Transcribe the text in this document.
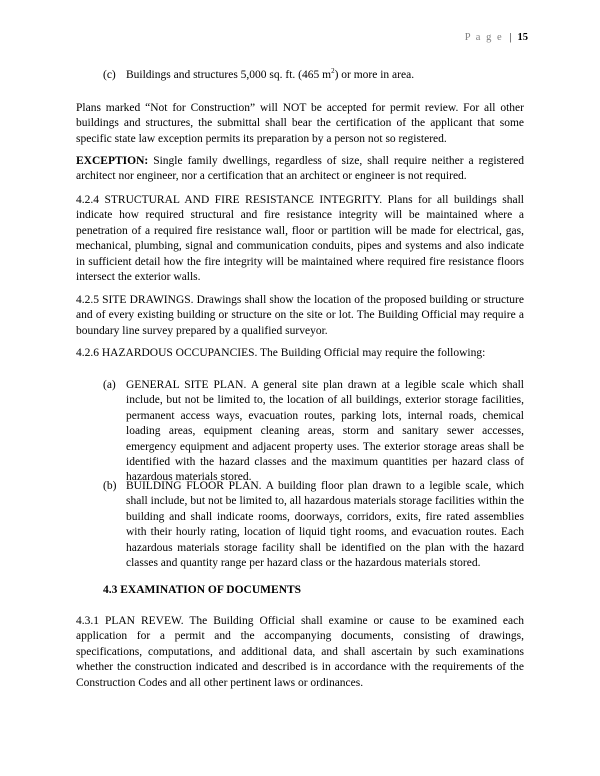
P a g e | 15

(c) Buildings and structures 5,000 sq. ft. (465 $m^2$) or more in area.

Plans marked “Not for Construction” will NOT be accepted for permit review. For all other buildings and structures, the submittal shall bear the certification of the applicant that some specific state law exception permits its preparation by a person not so registered.

EXCEPTION: Single family dwellings, regardless of size, shall require neither a registered architect nor engineer, nor a certification that an architect or engineer is not required.

4.2.4 STRUCTURAL AND FIRE RESISTANCE INTEGRITY. Plans for all buildings shall indicate how required structural and fire resistance integrity will be maintained where a penetration of a required fire resistance wall, floor or partition will be made for electrical, gas, mechanical, plumbing, signal and communication conduits, pipes and systems and also indicate in sufficient detail how the fire integrity will be maintained where required fire resistance floors intersect the exterior walls.

4.2.5 SITE DRAWINGS. Drawings shall show the location of the proposed building or structure and of every existing building or structure on the site or lot. The Building Official may require a boundary line survey prepared by a qualified surveyor.

4.2.6 HAZARDOUS OCCUPANCIES. The Building Official may require the following:

(a) GENERAL SITE PLAN. A general site plan drawn at a legible scale which shall include, but not be limited to, the location of all buildings, exterior storage facilities, permanent access ways, evacuation routes, parking lots, internal roads, chemical loading areas, equipment cleaning areas, storm and sanitary sewer accesses, emergency equipment and adjacent property uses. The exterior storage areas shall be identified with the hazard classes and the maximum quantities per hazard class of hazardous materials stored.

(b) BUILDING FLOOR PLAN. A building floor plan drawn to a legible scale, which shall include, but not be limited to, all hazardous materials storage facilities within the building and shall indicate rooms, doorways, corridors, exits, fire rated assemblies with their hourly rating, location of liquid tight rooms, and evacuation routes. Each hazardous materials storage facility shall be identified on the plan with the hazard classes and quantity range per hazard class or the hazardous materials stored.

4.3 EXAMINATION OF DOCUMENTS

4.3.1 PLAN REVEW. The Building Official shall examine or cause to be examined each application for a permit and the accompanying documents, consisting of drawings, specifications, computations, and additional data, and shall ascertain by such examinations whether the construction indicated and described is in accordance with the requirements of the Construction Codes and all other pertinent laws or ordinances.
